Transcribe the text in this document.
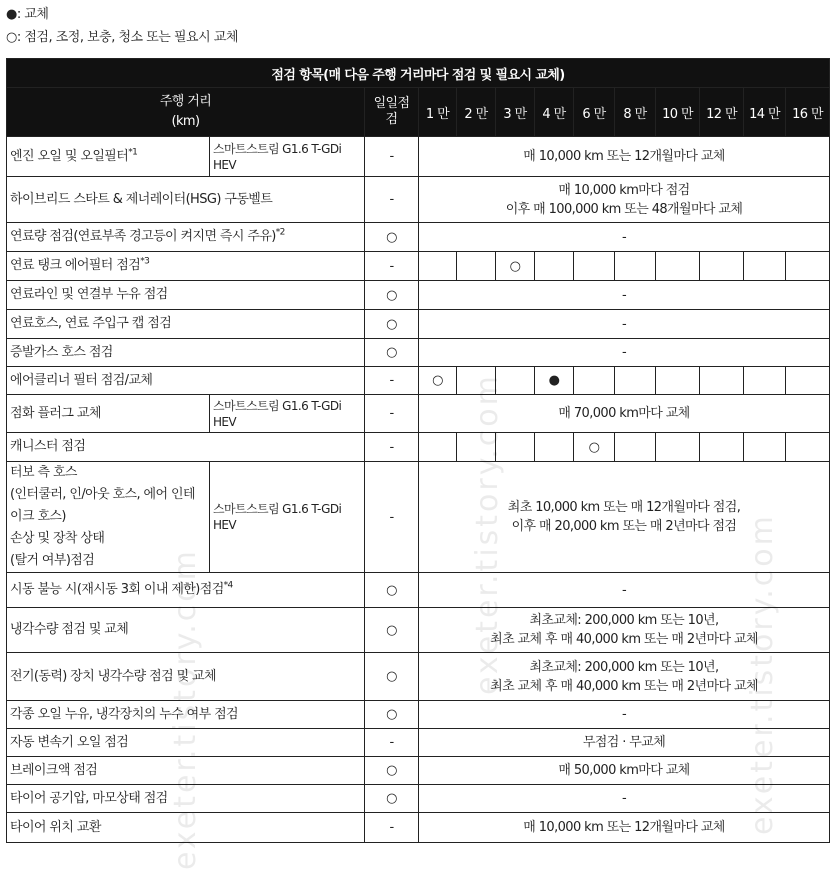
●: 교체
○: 점검, 조정, 보충, 청소 또는 필요시 교체
점검 항목(매 다음 주행 거리마다 점검 및 필요시 교체)												
주행 거리
(km)		일일점검	1 만	2 만	3 만	4 만	6 만	8 만	10 만	12 만	14 만	16 만
엔진 오일 및 오일필터$^{*1}$	스마트스트림 G1.6 T-GDi HEV	-	매 10,000 km 또는 12개월마다 교체									
하이브리드 스타트 & 제너레이터(HSG) 구동벨트		-	매 10,000 km마다 점검
이후 매 100,000 km 또는 48개월마다 교체									
연료량 점검(연료부족 경고등이 켜지면 즉시 주유)$^{*2}$		○	-									
연료 탱크 에어필터 점검$^{*3}$		-			○							
연료라인 및 연결부 누유 점검		○	-									
연료호스, 연료 주입구 캡 점검		○	-									
증발가스 호스 점검		○	-									
에어클리너 필터 점검/교체		-	○			●						
점화 플러그 교체	스마트스트림 G1.6 T-GDi HEV	-	매 70,000 km마다 교체									
캐니스터 점검		-					○					
터보 측 호스
(인터쿨러, 인/아웃 호스, 에어 인테이크 호스)
손상 및 장착 상태
(탈거 여부)점검	스마트스트림 G1.6 T-GDi HEV	-	최초 10,000 km 또는 매 12개월마다 점검,
이후 매 20,000 km 또는 매 2년마다 점검									
시동 불능 시(재시동 3회 이내 제한)점검$^{*4}$		○	-									
냉각수량 점검 및 교체		○	최초교체: 200,000 km 또는 10년,
최초 교체 후 매 40,000 km 또는 매 2년마다 교체									
전기(동력) 장치 냉각수량 점검 및 교체		○	최초교체: 200,000 km 또는 10년,
최초 교체 후 매 40,000 km 또는 매 2년마다 교체									
각종 오일 누유, 냉각장치의 누수 여부 점검		○	-									
자동 변속기 오일 점검		-	무점검 · 무교체									
브레이크액 점검		○	매 50,000 km마다 교체									
타이어 공기압, 마모상태 점검		○	-									
타이어 위치 교환		-	매 10,000 km 또는 12개월마다 교체									
exeter.tistory.com
exeter.tistory.com	exeter.tistory.com
